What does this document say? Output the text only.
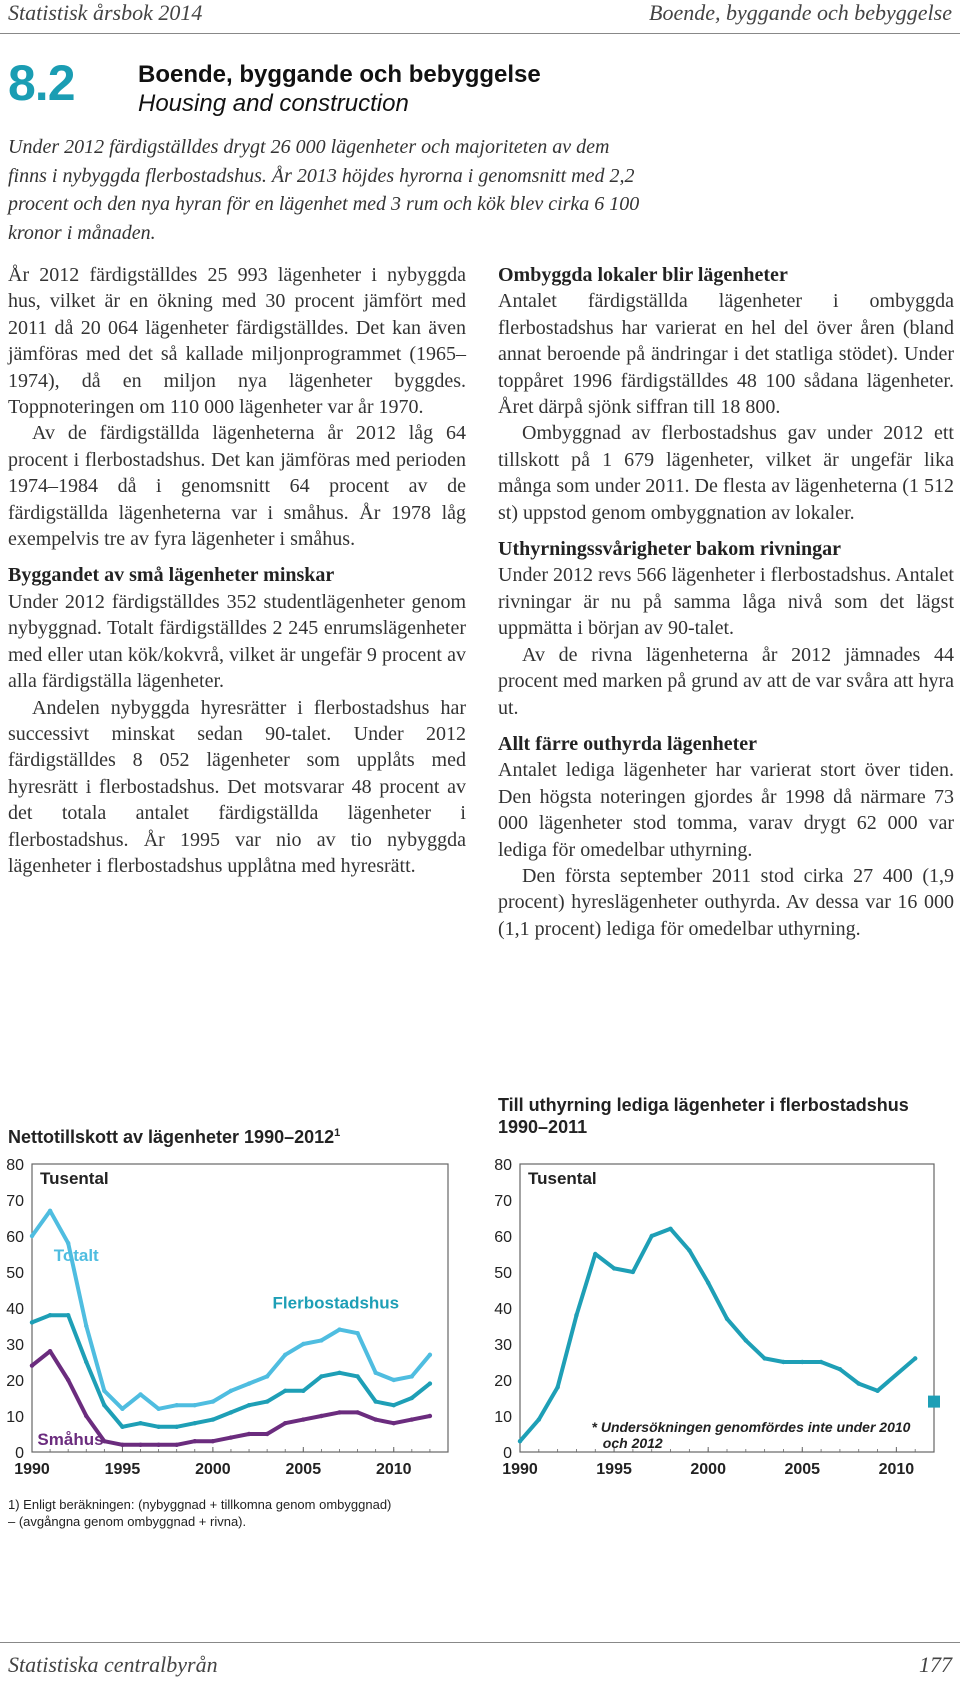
Statistisk årsbok 2014	Boende, byggande och bebyggelse
8.2	Boende, byggande och bebyggelse
Housing and construction
Under 2012 färdigställdes drygt 26 000 lägenheter och majoriteten av dem finns i nybyggda flerbostadshus. År 2013 höjdes hyrorna i genomsnitt med 2,2 procent och den nya hyran för en lägenhet med 3 rum och kök blev cirka 6 100 kronor i månaden.

År 2012 färdigställdes 25 993 lägenheter i nybyggda hus, vilket är en ökning med 30 procent jämfört med 2011 då 20 064 lägenheter färdigställdes. Det kan även jämföras med det så kallade miljonprogrammet (1965–1974), då en miljon nya lägenheter byggdes. Toppnoteringen om 110 000 lägenheter var år 1970.

Av de färdigställda lägenheterna år 2012 låg 64 procent i flerbostadshus. Det kan jämföras med perioden 1974–1984 då i genomsnitt 64 procent av de färdigställda lägenheterna var i småhus. År 1978 låg exempelvis tre av fyra lägenheter i småhus.

Byggandet av små lägenheter minskar

Under 2012 färdigställdes 352 studentlägenheter genom nybyggnad. Totalt färdigställdes 2 245 enrumslägenheter med eller utan kök/kokvrå, vilket är ungefär 9 procent av alla färdigställa lägenheter.

Andelen nybyggda hyresrätter i flerbostadshus har successivt minskat sedan 90-talet. Under 2012 färdigställdes 8 052 lägenheter som upplåts med hyresrätt i flerbostadshus. Det motsvarar 48 procent av det totala antalet färdigställda lägenheter i flerbostadshus. År 1995 var nio av tio nybyggda lägenheter i flerbostadshus upplåtna med hyresrätt.

Ombyggda lokaler blir lägenheter

Antalet färdigställda lägenheter i ombyggda flerbostadshus har varierat en hel del över åren (bland annat beroende på ändringar i det statliga stödet). Under toppåret 1996 färdigställdes 48 100 sådana lägenheter. Året därpå sjönk siffran till 18 800.

Ombyggnad av flerbostadshus gav under 2012 ett tillskott på 1 679 lägenheter, vilket är ungefär lika många som under 2011. De flesta av lägenheterna (1 512 st) uppstod genom ombyggnation av lokaler.

Uthyrningssvårigheter bakom rivningar

Under 2012 revs 566 lägenheter i flerbostadshus. Antalet rivningar är nu på samma låga nivå som det lägst uppmätta i början av 90-talet.

Av de rivna lägenheterna år 2012 jämnades 44 procent med marken på grund av att de var svåra att hyra ut.

Allt färre outhyrda lägenheter

Antalet lediga lägenheter har varierat stort över tiden. Den högsta noteringen gjordes år 1998 då närmare 73 000 lägenheter stod tomma, varav drygt 62 000 var lediga för omedelbar uthyrning.

Den första september 2011 stod cirka 27 400 (1,9 procent) hyreslägenheter outhyrda. Av dessa var 16 000 (1,1 procent) lediga för omedelbar uthyrning.

Nettotillskott av lägenheter 1990–2012$^1$
Till uthyrning lediga lägenheter i flerbostadshus 1990–2011
0
10
20
30
40
50
60
70
80
1990	1995	2000	2005	2010
Tusental
Totalt
Flerbostadshus
Småhus
0
10
20
30
40
50
60
70
80
1990	1995	2000	2005	2010
Tusental
* Undersökningen genomfördes inte under 2010 och 2012
1) Enligt beräkningen: (nybyggnad + tillkomna genom ombyggnad)
– (avgångna genom ombyggnad + rivna).
Statistiska centralbyrån	177
